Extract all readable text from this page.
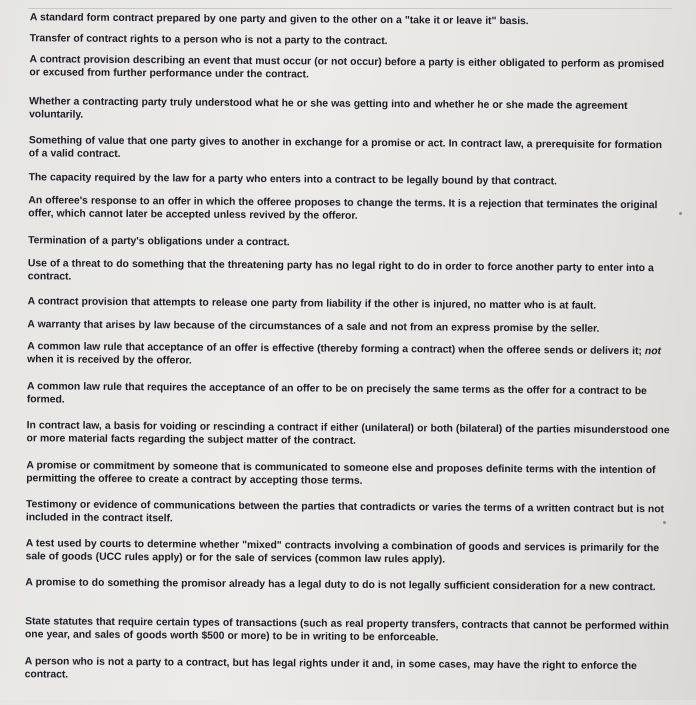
A standard form contract prepared by one party and given to the other on a "take it or leave it" basis.
Transfer of contract rights to a person who is not a party to the contract.
A contract provision describing an event that must occur (or not occur) before a party is either obligated to perform as promised or excused from further performance under the contract.
Whether a contracting party truly understood what he or she was getting into and whether he or she made the agreement voluntarily.
Something of value that one party gives to another in exchange for a promise or act. In contract law, a prerequisite for formation of a valid contract.
The capacity required by the law for a party who enters into a contract to be legally bound by that contract.
An offeree's response to an offer in which the offeree proposes to change the terms. It is a rejection that terminates the original offer, which cannot later be accepted unless revived by the offeror.
Termination of a party's obligations under a contract.
Use of a threat to do something that the threatening party has no legal right to do in order to force another party to enter into a contract.
A contract provision that attempts to release one party from liability if the other is injured, no matter who is at fault.
A warranty that arises by law because of the circumstances of a sale and not from an express promise by the seller.
A common law rule that acceptance of an offer is effective (thereby forming a contract) when the offeree sends or delivers it; not when it is received by the offeror.
A common law rule that requires the acceptance of an offer to be on precisely the same terms as the offer for a contract to be formed.
In contract law, a basis for voiding or rescinding a contract if either (unilateral) or both (bilateral) of the parties misunderstood one or more material facts regarding the subject matter of the contract.
A promise or commitment by someone that is communicated to someone else and proposes definite terms with the intention of permitting the offeree to create a contract by accepting those terms.
Testimony or evidence of communications between the parties that contradicts or varies the terms of a written contract but is not included in the contract itself.
A test used by courts to determine whether "mixed" contracts involving a combination of goods and services is primarily for the sale of goods (UCC rules apply) or for the sale of services (common law rules apply).
A promise to do something the promisor already has a legal duty to do is not legally sufficient consideration for a new contract.
State statutes that require certain types of transactions (such as real property transfers, contracts that cannot be performed within one year, and sales of goods worth $500 or more) to be in writing to be enforceable.
A person who is not a party to a contract, but has legal rights under it and, in some cases, may have the right to enforce the contract.
